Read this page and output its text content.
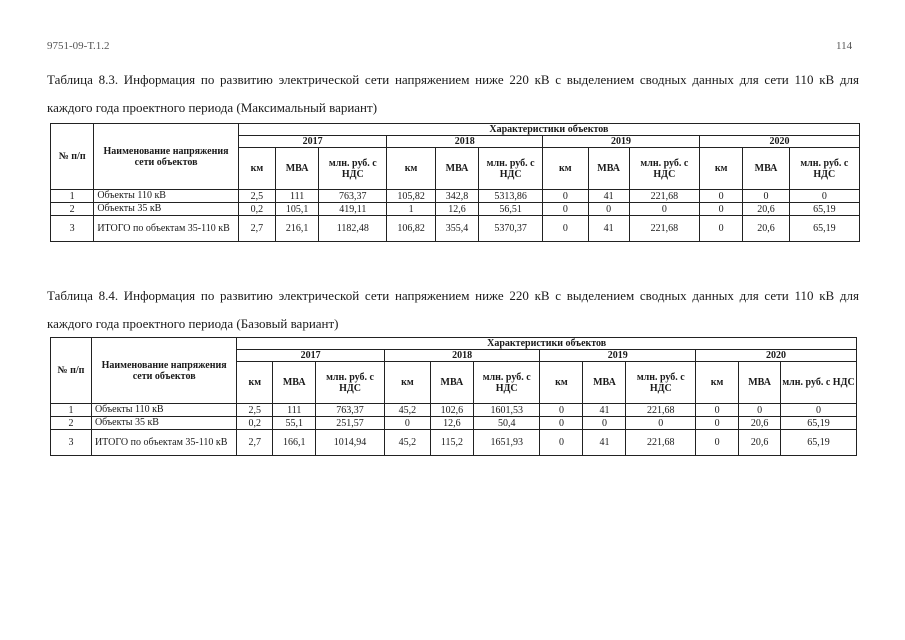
9751-09-Т.1.2	114
Таблица 8.3. Информация по развитию электрической сети напряжением ниже 220 кВ с выделением сводных данных для сети 110 кВ для каждого года проектного периода (Максимальный вариант)
№ п/п	Наименование напряжения сети объектов	Характеристики объектов											
		2017			2018			2019			2020		
		км	МВА	млн. руб. с НДС	км	МВА	млн. руб. с НДС	км	МВА	млн. руб. с НДС	км	МВА	млн. руб. с НДС
1	Объекты 110 кВ	2,5	111	763,37	105,82	342,8	5313,86	0	41	221,68	0	0	0
2	Объекты 35 кВ	0,2	105,1	419,11	1	12,6	56,51	0	0	0	0	20,6	65,19
3	ИТОГО по объектам 35-110 кВ	2,7	216,1	1182,48	106,82	355,4	5370,37	0	41	221,68	0	20,6	65,19
Таблица 8.4. Информация по развитию электрической сети напряжением ниже 220 кВ с выделением сводных данных для сети 110 кВ для каждого года проектного периода (Базовый вариант)
№ п/п	Наименование напряжения сети объектов	Характеристики объектов											
		2017			2018			2019			2020		
		км	МВА	млн. руб. с НДС	км	МВА	млн. руб. с НДС	км	МВА	млн. руб. с НДС	км	МВА	млн. руб. с НДС
1	Объекты 110 кВ	2,5	111	763,37	45,2	102,6	1601,53	0	41	221,68	0	0	0
2	Объекты 35 кВ	0,2	55,1	251,57	0	12,6	50,4	0	0	0	0	20,6	65,19
3	ИТОГО по объектам 35-110 кВ	2,7	166,1	1014,94	45,2	115,2	1651,93	0	41	221,68	0	20,6	65,19
